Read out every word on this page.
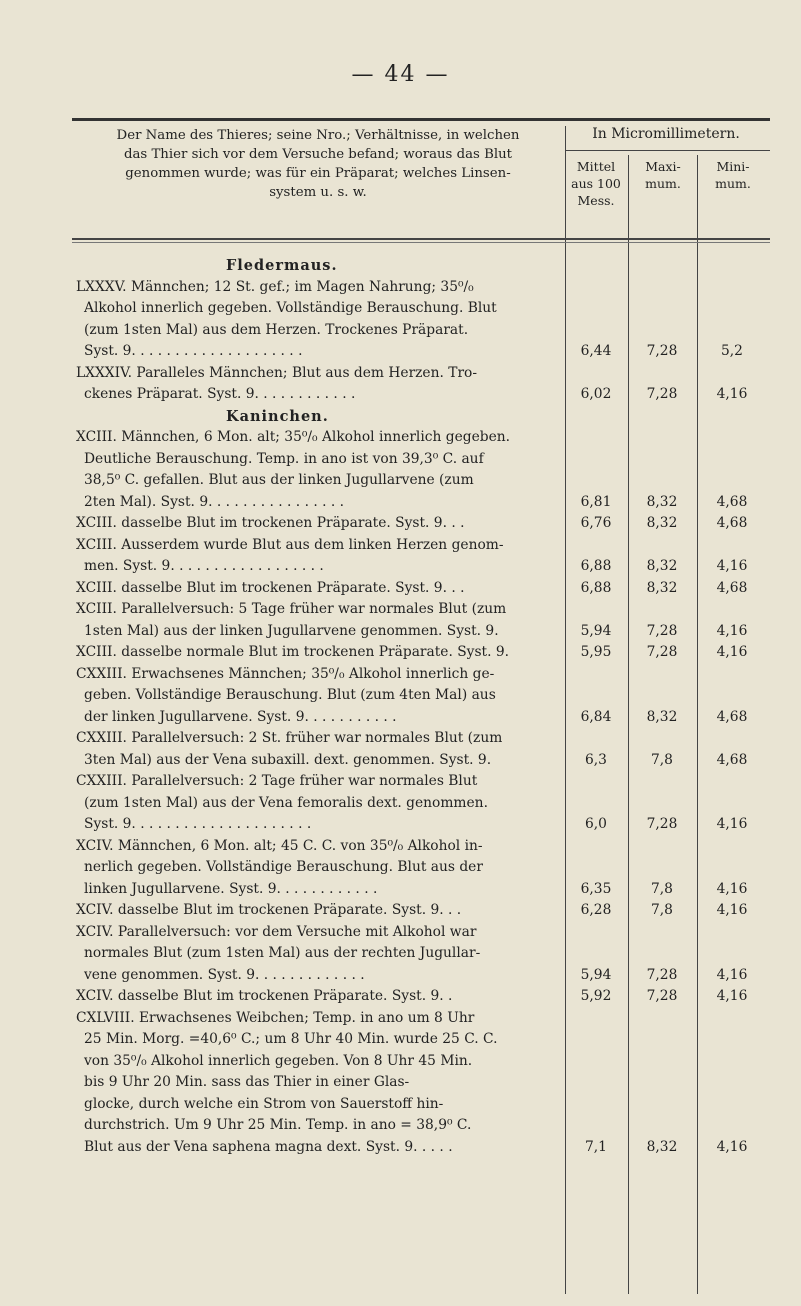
— 44 —
Der Name des Thieres; seine Nro.; Verhältnisse, in welchen
das Thier sich vor dem Versuche befand; woraus das Blut
genommen wurde; was für ein Präparat; welches Linsen-
system u. s. w.
In Micromillimetern.
Mittel
aus 100
Mess.
Maxi-
mum.
Mini-
mum.
Fledermaus.
LXXXV. Männchen; 12 St. gef.; im Magen Nahrung; 35⁰/₀
Alkohol innerlich gegeben. Vollständige Berauschung. Blut
(zum 1sten Mal) aus dem Herzen. Trockenes Präparat.
Syst. 9. . . . . . . . . . . . . . . . . . . .	6,44	7,28	5,2
LXXXIV. Paralleles Männchen; Blut aus dem Herzen. Tro-
ckenes Präparat. Syst. 9. . . . . . . . . . . .	6,02	7,28	4,16
Kaninchen.
XCIII. Männchen, 6 Mon. alt; 35⁰/₀ Alkohol innerlich gegeben.
Deutliche Berauschung. Temp. in ano ist von 39,3⁰ C. auf
38,5⁰ C. gefallen. Blut aus der linken Jugullarvene (zum
2ten Mal). Syst. 9. . . . . . . . . . . . . . . .	6,81	8,32	4,68
XCIII. dasselbe Blut im trockenen Präparate. Syst. 9. . .	6,76	8,32	4,68
XCIII. Ausserdem wurde Blut aus dem linken Herzen genom-
men. Syst. 9. . . . . . . . . . . . . . . . . .	6,88	8,32	4,16
XCIII. dasselbe Blut im trockenen Präparate. Syst. 9. . .	6,88	8,32	4,68
XCIII. Parallelversuch: 5 Tage früher war normales Blut (zum
1sten Mal) aus der linken Jugullarvene genommen. Syst. 9.	5,94	7,28	4,16
XCIII. dasselbe normale Blut im trockenen Präparate. Syst. 9.	5,95	7,28	4,16
CXXIII. Erwachsenes Männchen; 35⁰/₀ Alkohol innerlich ge-
geben. Vollständige Berauschung. Blut (zum 4ten Mal) aus
der linken Jugullarvene. Syst. 9. . . . . . . . . . .	6,84	8,32	4,68
CXXIII. Parallelversuch: 2 St. früher war normales Blut (zum
3ten Mal) aus der Vena subaxill. dext. genommen. Syst. 9.	6,3	7,8	4,68
CXXIII. Parallelversuch: 2 Tage früher war normales Blut
(zum 1sten Mal) aus der Vena femoralis dext. genommen.
Syst. 9. . . . . . . . . . . . . . . . . . . . .	6,0	7,28	4,16
XCIV. Männchen, 6 Mon. alt; 45 C. C. von 35⁰/₀ Alkohol in-
nerlich gegeben. Vollständige Berauschung. Blut aus der
linken Jugullarvene. Syst. 9. . . . . . . . . . . .	6,35	7,8	4,16
XCIV. dasselbe Blut im trockenen Präparate. Syst. 9. . .	6,28	7,8	4,16
XCIV. Parallelversuch: vor dem Versuche mit Alkohol war
normales Blut (zum 1sten Mal) aus der rechten Jugullar-
vene genommen. Syst. 9. . . . . . . . . . . . .	5,94	7,28	4,16
XCIV. dasselbe Blut im trockenen Präparate. Syst. 9. .	5,92	7,28	4,16
CXLVIII. Erwachsenes Weibchen; Temp. in ano um 8 Uhr
25 Min. Morg. =40,6⁰ C.; um 8 Uhr 40 Min. wurde 25 C. C.
von 35⁰/₀ Alkohol innerlich gegeben. Von 8 Uhr 45 Min.
bis 9 Uhr 20 Min. sass das Thier in einer Glas-
glocke, durch welche ein Strom von Sauerstoff hin-
durchstrich. Um 9 Uhr 25 Min. Temp. in ano = 38,9⁰ C.
Blut aus der Vena saphena magna dext. Syst. 9. . . . .	7,1	8,32	4,16
